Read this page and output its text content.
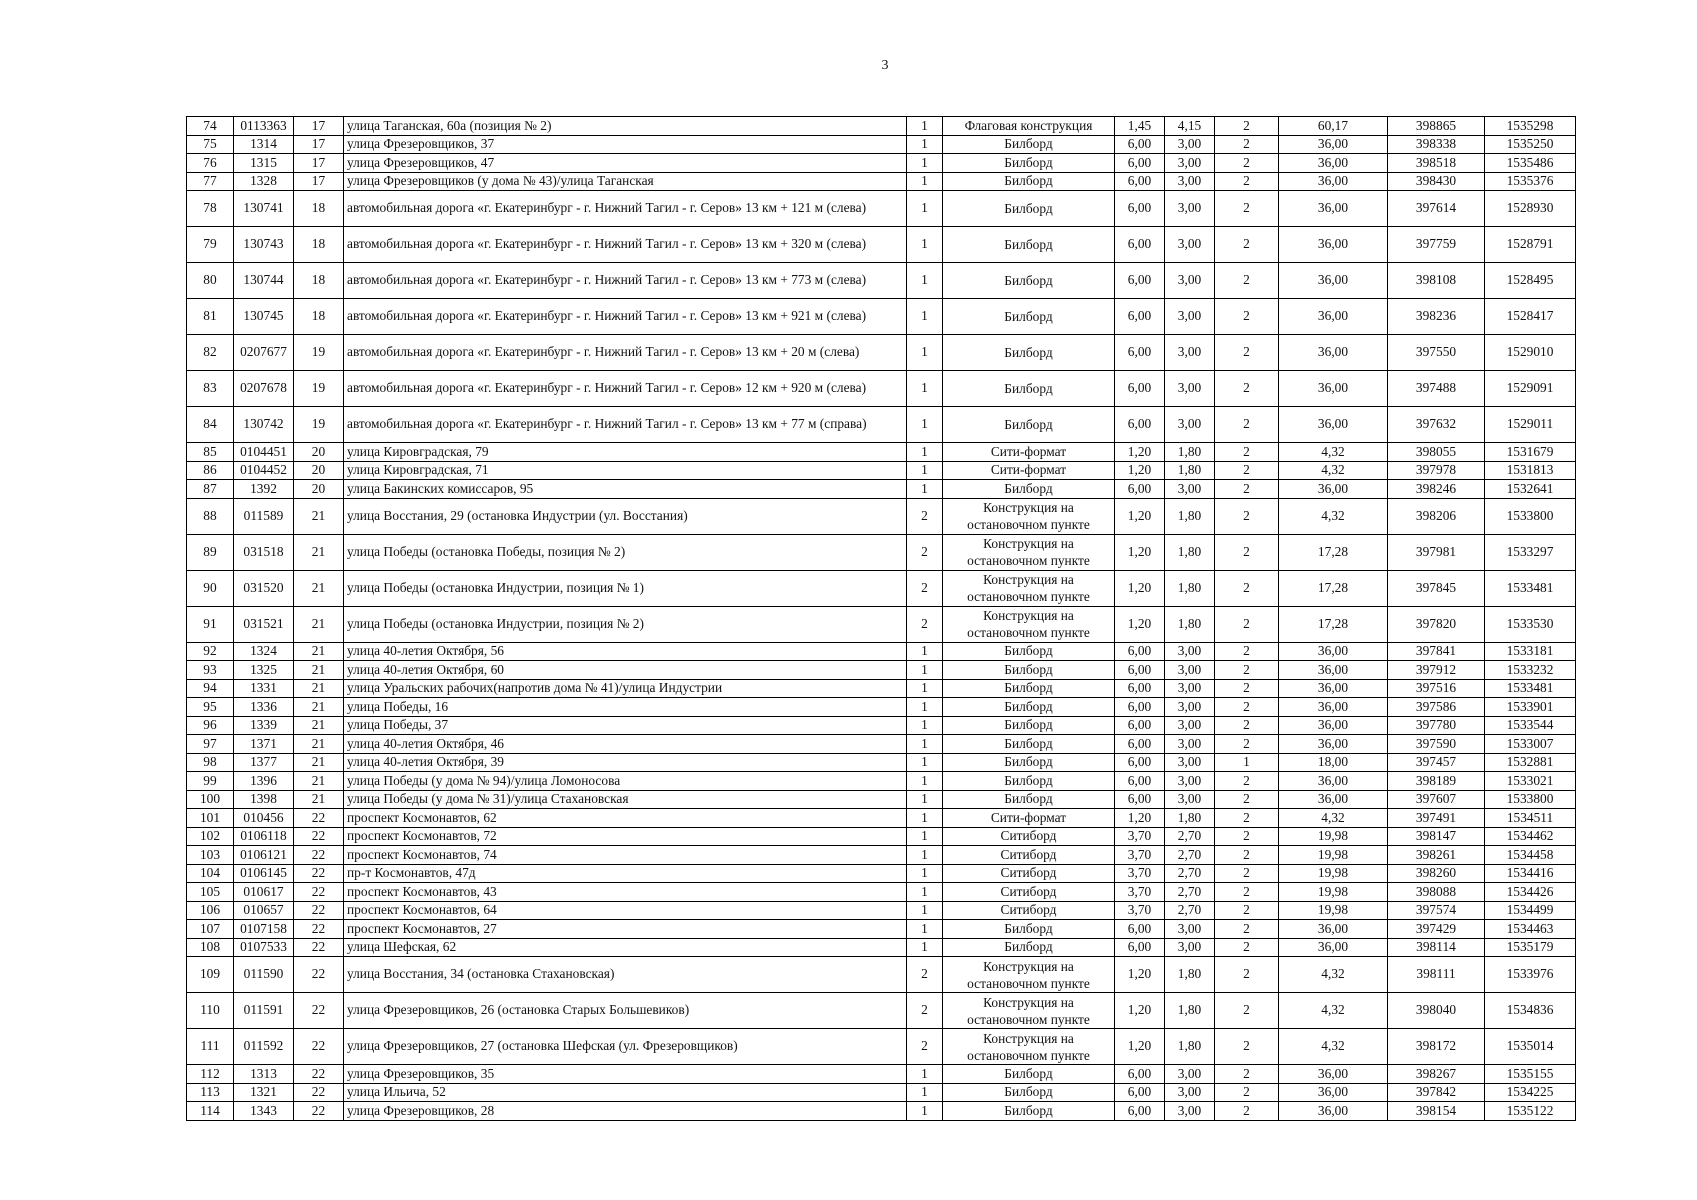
3
74	0113363	17	улица Таганская, 60а (позиция № 2)	1	Флаговая конструкция	1,45	4,15	2	60,17	398865	1535298
75	1314	17	улица Фрезеровщиков, 37	1	Билборд	6,00	3,00	2	36,00	398338	1535250
76	1315	17	улица Фрезеровщиков, 47	1	Билборд	6,00	3,00	2	36,00	398518	1535486
77	1328	17	улица Фрезеровщиков (у дома № 43)/улица Таганская	1	Билборд	6,00	3,00	2	36,00	398430	1535376
78	130741	18	автомобильная дорога «г. Екатеринбург - г. Нижний Тагил - г. Серов» 13 км + 121 м (слева)	1	Билборд	6,00	3,00	2	36,00	397614	1528930
79	130743	18	автомобильная дорога «г. Екатеринбург - г. Нижний Тагил - г. Серов» 13 км + 320 м (слева)	1	Билборд	6,00	3,00	2	36,00	397759	1528791
80	130744	18	автомобильная дорога «г. Екатеринбург - г. Нижний Тагил - г. Серов» 13 км + 773 м (слева)	1	Билборд	6,00	3,00	2	36,00	398108	1528495
81	130745	18	автомобильная дорога «г. Екатеринбург - г. Нижний Тагил - г. Серов» 13 км + 921 м (слева)	1	Билборд	6,00	3,00	2	36,00	398236	1528417
82	0207677	19	автомобильная дорога «г. Екатеринбург - г. Нижний Тагил - г. Серов» 13 км + 20 м (слева)	1	Билборд	6,00	3,00	2	36,00	397550	1529010
83	0207678	19	автомобильная дорога «г. Екатеринбург - г. Нижний Тагил - г. Серов» 12 км + 920 м (слева)	1	Билборд	6,00	3,00	2	36,00	397488	1529091
84	130742	19	автомобильная дорога «г. Екатеринбург - г. Нижний Тагил - г. Серов» 13 км + 77 м (справа)	1	Билборд	6,00	3,00	2	36,00	397632	1529011
85	0104451	20	улица Кировградская, 79	1	Сити-формат	1,20	1,80	2	4,32	398055	1531679
86	0104452	20	улица Кировградская, 71	1	Сити-формат	1,20	1,80	2	4,32	397978	1531813
87	1392	20	улица Бакинских комиссаров, 95	1	Билборд	6,00	3,00	2	36,00	398246	1532641
88	011589	21	улица Восстания, 29 (остановка Индустрии (ул. Восстания)	2	Конструкция на остановочном пункте	1,20	1,80	2	4,32	398206	1533800
89	031518	21	улица Победы (остановка Победы, позиция № 2)	2	Конструкция на остановочном пункте	1,20	1,80	2	17,28	397981	1533297
90	031520	21	улица Победы (остановка Индустрии, позиция № 1)	2	Конструкция на остановочном пункте	1,20	1,80	2	17,28	397845	1533481
91	031521	21	улица Победы (остановка Индустрии, позиция № 2)	2	Конструкция на остановочном пункте	1,20	1,80	2	17,28	397820	1533530
92	1324	21	улица 40-летия Октября, 56	1	Билборд	6,00	3,00	2	36,00	397841	1533181
93	1325	21	улица 40-летия Октября, 60	1	Билборд	6,00	3,00	2	36,00	397912	1533232
94	1331	21	улица Уральских рабочих(напротив дома № 41)/улица Индустрии	1	Билборд	6,00	3,00	2	36,00	397516	1533481
95	1336	21	улица Победы, 16	1	Билборд	6,00	3,00	2	36,00	397586	1533901
96	1339	21	улица Победы, 37	1	Билборд	6,00	3,00	2	36,00	397780	1533544
97	1371	21	улица 40-летия Октября, 46	1	Билборд	6,00	3,00	2	36,00	397590	1533007
98	1377	21	улица 40-летия Октября, 39	1	Билборд	6,00	3,00	1	18,00	397457	1532881
99	1396	21	улица Победы (у дома № 94)/улица Ломоносова	1	Билборд	6,00	3,00	2	36,00	398189	1533021
100	1398	21	улица Победы (у дома № 31)/улица Стахановская	1	Билборд	6,00	3,00	2	36,00	397607	1533800
101	010456	22	проспект Космонавтов, 62	1	Сити-формат	1,20	1,80	2	4,32	397491	1534511
102	0106118	22	проспект Космонавтов, 72	1	Ситиборд	3,70	2,70	2	19,98	398147	1534462
103	0106121	22	проспект Космонавтов, 74	1	Ситиборд	3,70	2,70	2	19,98	398261	1534458
104	0106145	22	пр-т Космонавтов, 47д	1	Ситиборд	3,70	2,70	2	19,98	398260	1534416
105	010617	22	проспект Космонавтов, 43	1	Ситиборд	3,70	2,70	2	19,98	398088	1534426
106	010657	22	проспект Космонавтов, 64	1	Ситиборд	3,70	2,70	2	19,98	397574	1534499
107	0107158	22	проспект Космонавтов, 27	1	Билборд	6,00	3,00	2	36,00	397429	1534463
108	0107533	22	улица Шефская, 62	1	Билборд	6,00	3,00	2	36,00	398114	1535179
109	011590	22	улица Восстания, 34 (остановка Стахановская)	2	Конструкция на остановочном пункте	1,20	1,80	2	4,32	398111	1533976
110	011591	22	улица Фрезеровщиков, 26 (остановка Старых Большевиков)	2	Конструкция на остановочном пункте	1,20	1,80	2	4,32	398040	1534836
111	011592	22	улица Фрезеровщиков, 27 (остановка Шефская (ул. Фрезеровщиков)	2	Конструкция на остановочном пункте	1,20	1,80	2	4,32	398172	1535014
112	1313	22	улица Фрезеровщиков, 35	1	Билборд	6,00	3,00	2	36,00	398267	1535155
113	1321	22	улица Ильича, 52	1	Билборд	6,00	3,00	2	36,00	397842	1534225
114	1343	22	улица Фрезеровщиков, 28	1	Билборд	6,00	3,00	2	36,00	398154	1535122
